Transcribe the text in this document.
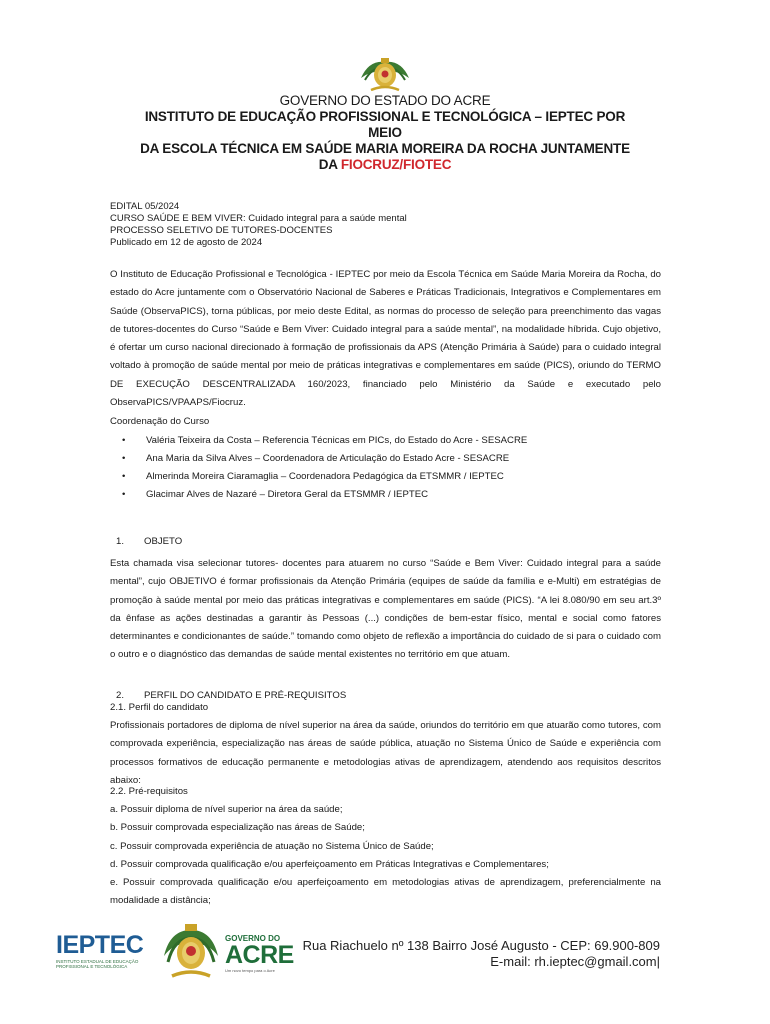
GOVERNO DO ESTADO DO ACRE
INSTITUTO DE EDUCAÇÃO PROFISSIONAL E TECNOLÓGICA – IEPTEC POR
MEIO
DA ESCOLA TÉCNICA EM SAÚDE MARIA MOREIRA DA ROCHA JUNTAMENTE
DA FIOCRUZ/FIOTEC
EDITAL 05/2024
CURSO SAÚDE E BEM VIVER: Cuidado integral para a saúde mental
PROCESSO SELETIVO DE TUTORES-DOCENTES
Publicado em 12 de agosto de 2024
O Instituto de Educação Profissional e Tecnológica - IEPTEC por meio da Escola Técnica em Saúde Maria Moreira da Rocha, do estado do Acre juntamente com o Observatório Nacional de Saberes e Práticas Tradicionais, Integrativos e Complementares em Saúde (ObservaPICS), torna públicas, por meio deste Edital, as normas do processo de seleção para preenchimento das vagas de tutores-docentes do Curso “Saúde e Bem Viver: Cuidado integral para a saúde mental”, na modalidade híbrida. Cujo objetivo, é ofertar um curso nacional direcionado à formação de profissionais da APS (Atenção Primária à Saúde) para o cuidado integral voltado à promoção de saúde mental por meio de práticas integrativas e complementares em saúde (PICS), oriundo do TERMO DE EXECUÇÃO DESCENTRALIZADA 160/2023, financiado pelo Ministério da Saúde e executado pelo ObservaPICS/VPAAPS/Fiocruz.
Coordenação do Curso
• Valéria Teixeira da Costa – Referencia Técnicas em PICs, do Estado do Acre - SESACRE
• Ana Maria da Silva Alves – Coordenadora de Articulação do Estado Acre - SESACRE
• Almerinda Moreira Ciaramaglia – Coordenadora Pedagógica da ETSMMR / IEPTEC
• Glacimar Alves de Nazaré – Diretora Geral da ETSMMR / IEPTEC
1. OBJETO
Esta chamada visa selecionar tutores- docentes para atuarem no curso “Saúde e Bem Viver: Cuidado integral para a saúde mental”, cujo OBJETIVO é formar profissionais da Atenção Primária (equipes de saúde da família e e-Multi) em estratégias de promoção à saúde mental por meio das práticas integrativas e complementares em saúde (PICS). “A lei 8.080/90 em seu art.3º da ênfase as ações destinadas a garantir às Pessoas (...) condições de bem-estar físico, mental e social como fatores determinantes e condicionantes de saúde.” tomando como objeto de reflexão a importância do cuidado de si para o cuidado com o outro e o diagnóstico das demandas de saúde mental existentes no território em que atuam.
2. PERFIL DO CANDIDATO E PRÉ-REQUISITOS
2.1. Perfil do candidato
Profissionais portadores de diploma de nível superior na área da saúde, oriundos do território em que atuarão como tutores, com comprovada experiência, especialização nas áreas de saúde pública, atuação no Sistema Único de Saúde e experiência com processos formativos de educação permanente e metodologias ativas de aprendizagem, atendendo aos requisitos descritos abaixo:
2.2. Pré-requisitos
a. Possuir diploma de nível superior na área da saúde;
b. Possuir comprovada especialização nas áreas de Saúde;
c. Possuir comprovada experiência de atuação no Sistema Único de Saúde;
d. Possuir comprovada qualificação e/ou aperfeiçoamento em Práticas Integrativas e Complementares;
e. Possuir comprovada qualificação e/ou aperfeiçoamento em metodologias ativas de aprendizagem, preferencialmente na modalidade a distância;
IEPTEC
INSTITUTO ESTADUAL DE EDUCAÇÃO PROFISSIONAL E TECNOLÓGICA
GOVERNO DO
ACRE
Um novo tempo para o Acre
Rua Riachuelo nº 138 Bairro José Augusto - CEP: 69.900-809
E-mail: rh.ieptec@gmail.com|
